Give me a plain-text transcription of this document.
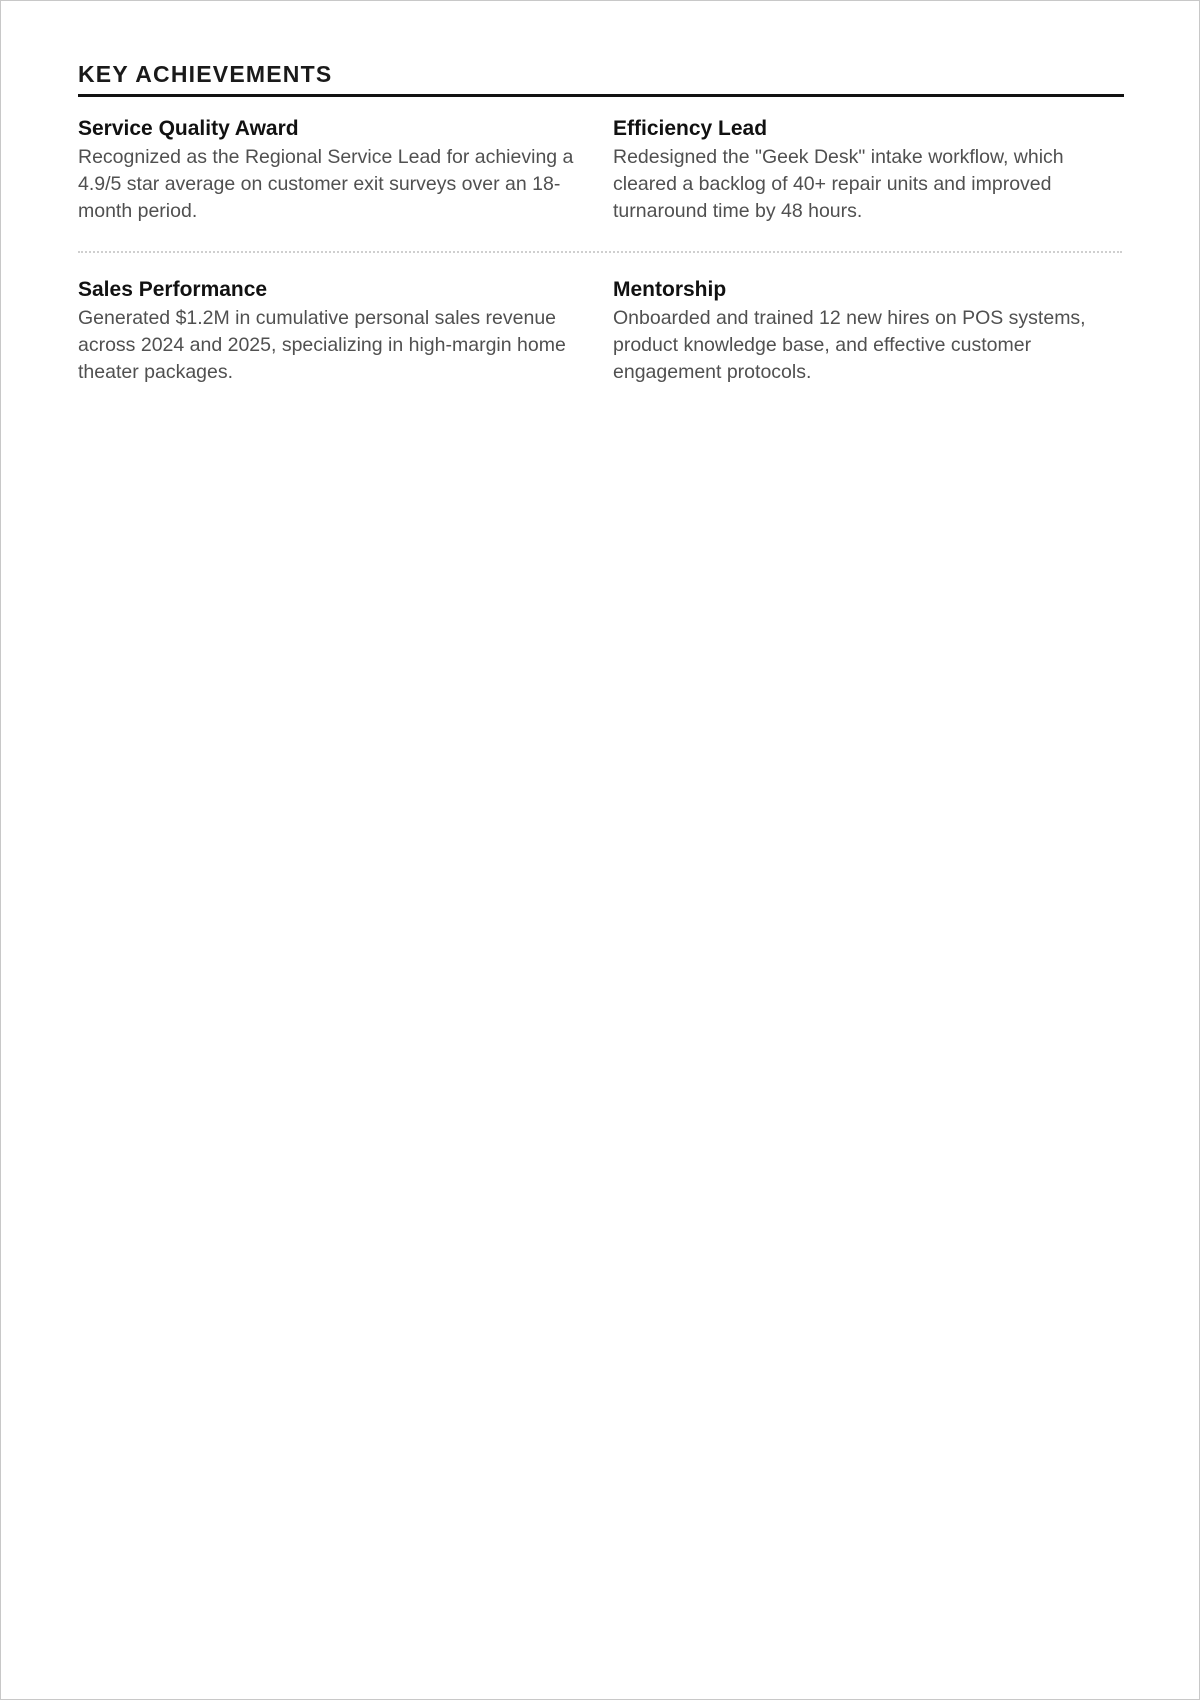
KEY ACHIEVEMENTS
Service Quality Award

Recognized as the Regional Service Lead for achieving a 4.9/5 star average on customer exit surveys over an 18-month period.

Efficiency Lead

Redesigned the "Geek Desk" intake workflow, which cleared a backlog of 40+ repair units and improved turnaround time by 48 hours.

Sales Performance

Generated $1.2M in cumulative personal sales revenue across 2024 and 2025, specializing in high-margin home theater packages.

Mentorship

Onboarded and trained 12 new hires on POS systems, product knowledge base, and effective customer engagement protocols.
